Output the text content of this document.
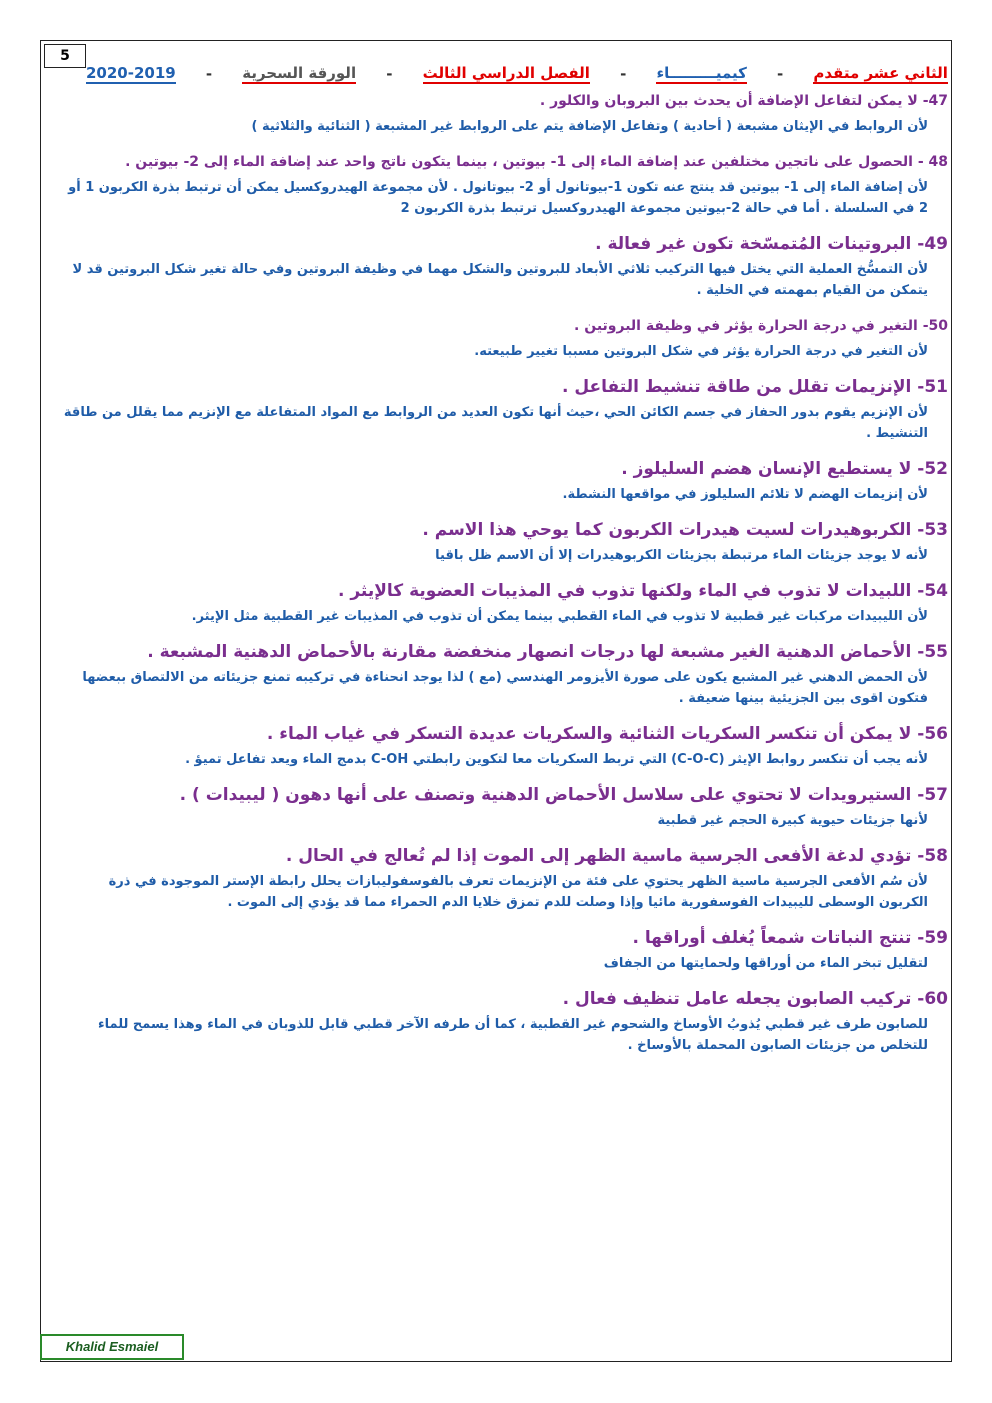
5
الثاني عشر متقدم
-
كيميـــــــــاء
-
الفصل الدراسي الثالث
-
الورقة السحرية
-
2020-2019

47- لا يمكن لتفاعل الإضافة أن يحدث بين البروبان والكلور .

لأن الروابط في الإيثان مشبعة ( أحادية ) وتفاعل الإضافة يتم على الروابط غير المشبعة ( الثنائية والثلاثية )

48 - الحصول على ناتجين مختلفين عند إضافة الماء إلى 1- بيوتين ، بينما يتكون ناتج واحد عند إضافة الماء إلى 2- بيوتين .

لأن إضافة الماء إلى 1- بيوتين قد ينتج عنه تكون 1-بيوتانول أو 2- بيوتانول . لأن مجموعة الهيدروكسيل يمكن أن ترتبط بذرة الكربون 1 أو 2 في السلسلة . أما في حالة 2-بيوتين مجموعة الهيدروكسيل ترتبط بذرة الكربون 2

49- البروتينات المُتمسّخة تكون غير فعالة .

لأن التمسُّخ العملية التي يختل فيها التركيب ثلاثي الأبعاد للبروتين والشكل مهما في وظيفة البروتين وفي حالة تغير شكل البروتين قد لا يتمكن من القيام بمهمته في الخلية .

50- التغير في درجة الحرارة يؤثر في وظيفة البروتين .

لأن التغير في درجة الحرارة يؤثر في شكل البروتين مسببا تغيير طبيعته.

51- الإنزيمات تقلل من طاقة تنشيط التفاعل .

لأن الإنزيم يقوم بدور الحفاز في جسم الكائن الحي ،حيث أنها تكون العديد من الروابط مع المواد المتفاعلة مع الإنزيم مما يقلل من طاقة التنشيط .

52- لا يستطيع الإنسان هضم السليلوز .

لأن إنزيمات الهضم لا تلائم السليلوز في مواقعها النشطة.

53- الكربوهيدرات لسيت هيدرات الكربون كما يوحي هذا الاسم .

لأنه لا يوجد جزيئات الماء مرتبطة بجزيئات الكربوهيدرات إلا أن الاسم ظل باقيا

54- اللبيدات لا تذوب في الماء ولكنها تذوب في المذيبات العضوية كالإيثر .

لأن الليبيدات مركبات غير قطبية لا تذوب في الماء القطبي بينما يمكن أن تذوب في المذيبات غير القطبية مثل الإيثر.

55- الأحماض الدهنية الغير مشبعة لها درجات انصهار منخفضة مقارنة بالأحماض الدهنية المشبعة .

لأن الحمض الدهني غير المشبع يكون على صورة الأيزومر الهندسي (مع ) لذا يوجد انحناءة في تركيبه تمنع جزيئاته من الالتصاق ببعضها فتكون اقوى بين الجزيئية بينها ضعيفة .

56- لا يمكن أن تنكسر السكريات الثنائية والسكريات عديدة التسكر في غياب الماء .

لأنه يجب أن تنكسر روابط الإيثر (C-O-C) التي تربط السكريات معا لتكوين رابطتي C-OH بدمج الماء ويعد تفاعل تميؤ .

57- الستيرويدات لا تحتوي على سلاسل الأحماض الدهنية وتصنف على أنها دهون ( ليبيدات ) .

لأنها جزيئات حيوية كبيرة الحجم غير قطبية

58- تؤدي لدغة الأفعى الجرسية ماسية الظهر إلى الموت إذا لم تُعالج في الحال .

لأن سُم الأفعى الجرسية ماسية الظهر يحتوي على فئة من الإنزيمات تعرف بالفوسفوليبازات يحلل رابطة الإستر الموجودة في ذرة الكربون الوسطى لليبيدات الفوسفورية مائيا وإذا وصلت للدم تمزق خلايا الدم الحمراء مما قد يؤدي إلى الموت .

59- تنتج النباتات شمعاً يُغلف أوراقها .

لتقليل تبخر الماء من أوراقها ولحمايتها من الجفاف

60- تركيب الصابون يجعله عامل تنظيف فعال .

للصابون طرف غير قطبي يُذوبُ الأوساخ والشحوم غير القطبية ، كما أن طرفه الآخر قطبي قابل للذوبان في الماء وهذا يسمح للماء للتخلص من جزيئات الصابون المحملة بالأوساخ .

Khalid Esmaiel
